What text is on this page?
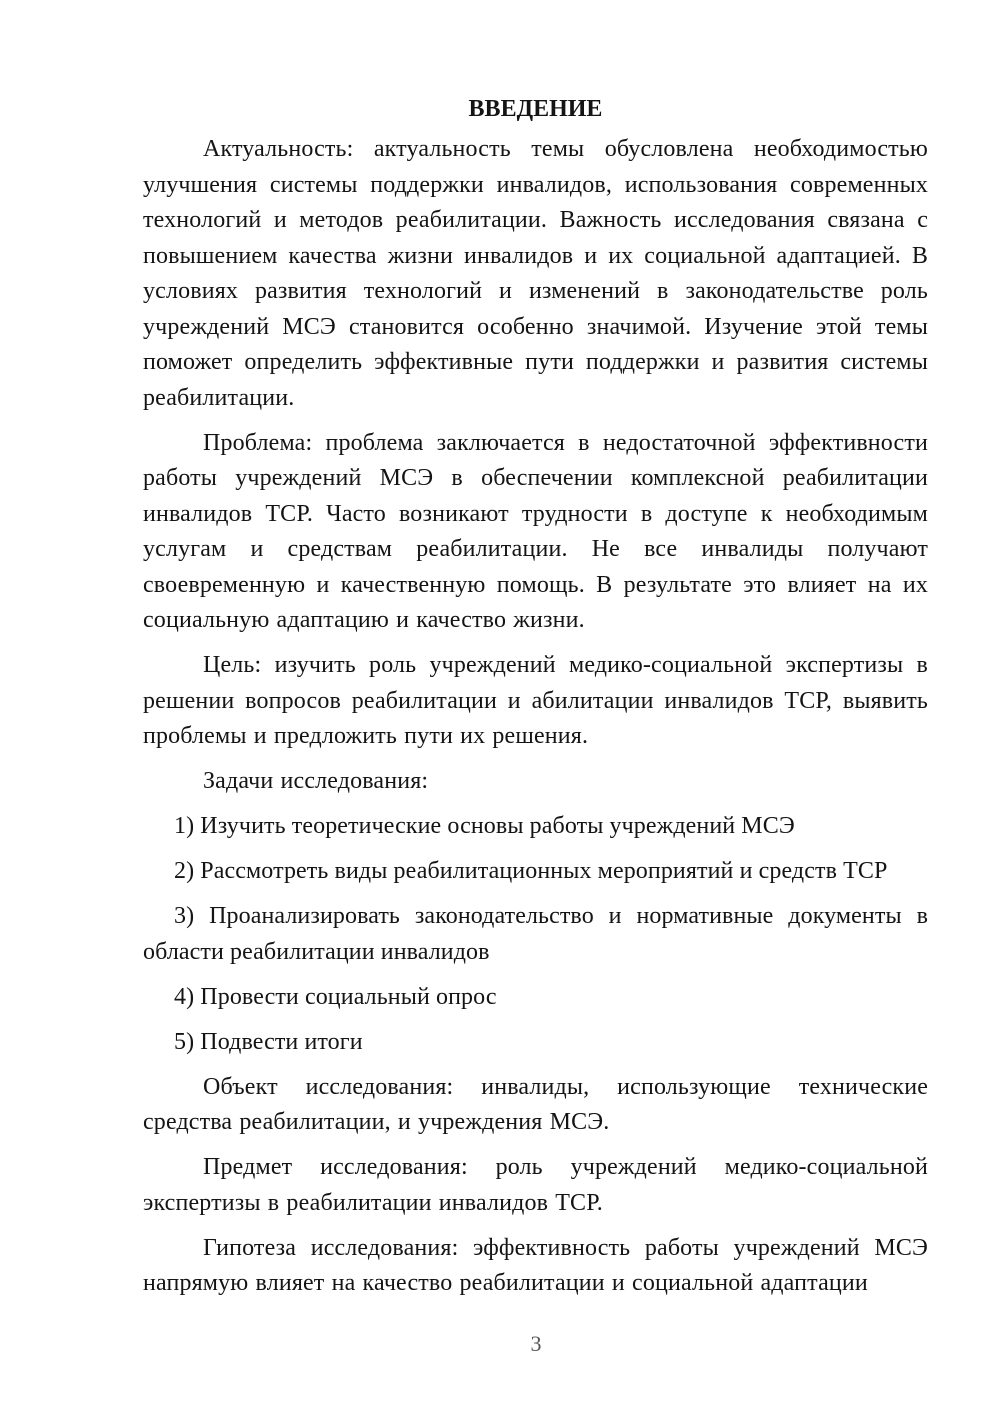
ВВЕДЕНИЕ

Актуальность: актуальность темы обусловлена необходимостью улучшения системы поддержки инвалидов, использования современных технологий и методов реабилитации. Важность исследования связана с повышением качества жизни инвалидов и их социальной адаптацией. В условиях развития технологий и изменений в законодательстве роль учреждений МСЭ становится особенно значимой. Изучение этой темы поможет определить эффективные пути поддержки и развития системы реабилитации.

Проблема: проблема заключается в недостаточной эффективности работы учреждений МСЭ в обеспечении комплексной реабилитации инвалидов ТСР. Часто возникают трудности в доступе к необходимым услугам и средствам реабилитации. Не все инвалиды получают своевременную и качественную помощь. В результате это влияет на их социальную адаптацию и качество жизни.

Цель: изучить роль учреждений медико-социальной экспертизы в решении вопросов реабилитации и абилитации инвалидов ТСР, выявить проблемы и предложить пути их решения.

Задачи исследования:

1) Изучить теоретические основы работы учреждений МСЭ

2) Рассмотреть виды реабилитационных мероприятий и средств ТСР

3) Проанализировать законодательство и нормативные документы в области реабилитации инвалидов

4) Провести социальный опрос

5) Подвести итоги

Объект исследования: инвалиды, использующие технические средства реабилитации, и учреждения МСЭ.

Предмет исследования: роль учреждений медико-социальной экспертизы в реабилитации инвалидов ТСР.

Гипотеза исследования: эффективность работы учреждений МСЭ напрямую влияет на качество реабилитации и социальной адаптации

3
